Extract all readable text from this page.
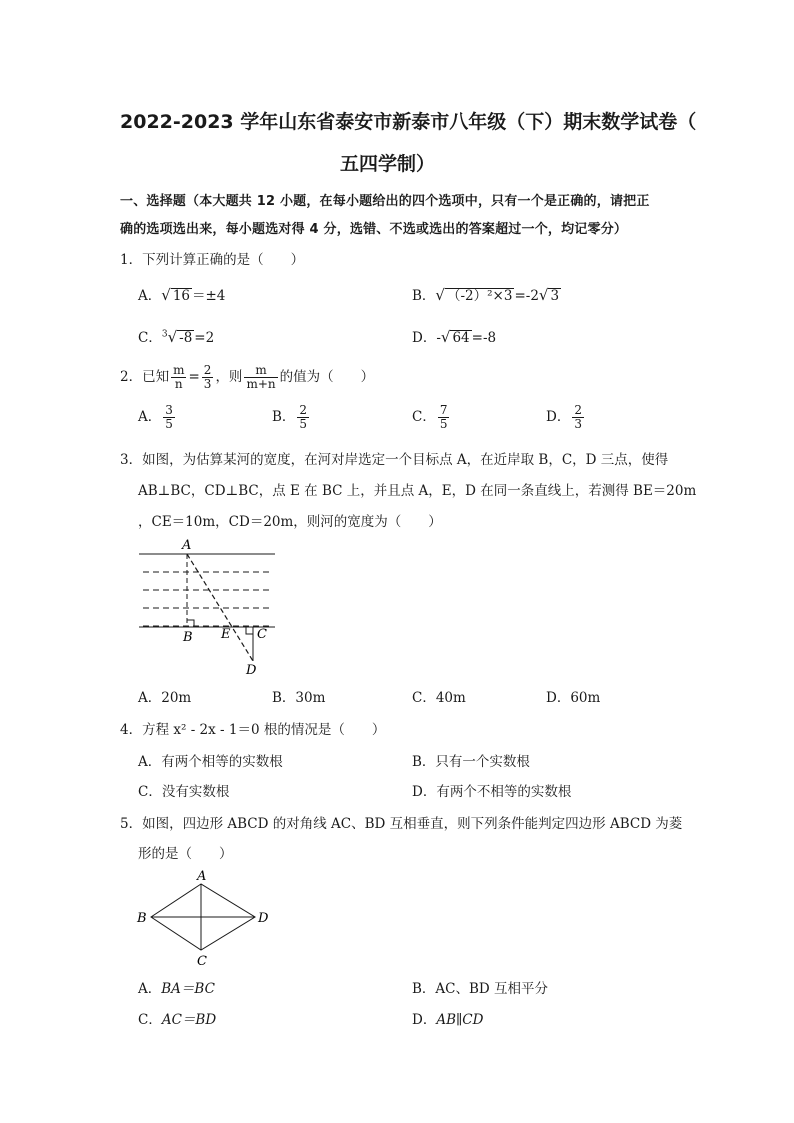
2022-2023 学年山东省泰安市新泰市八年级（下）期末数学试卷（
五四学制）
一、选择题（本大题共 12 小题，在每小题给出的四个选项中，只有一个是正确的，请把正
确的选项选出来，每小题选对得 4 分，选错、不选或选出的答案超过一个，均记零分）
1．下列计算正确的是（　　）
A．√ 16 ＝±4	B．√ （-2）²×3 =-2√ 3
C．$^3$√ -8 =2	D．-√ 64 =-8
2．已知 $\frac{m}{n} = \frac{2}{3}$ ，则 $\frac{m}{m+n}$ 的值为（　　）
A． $\frac{3}{5}$	B． $\frac{2}{5}$	C． $\frac{7}{5}$	D． $\frac{2}{3}$
3．如图，为估算某河的宽度，在河对岸选定一个目标点 A，在近岸取 B，C，D 三点，使得
AB⊥BC，CD⊥BC，点 E 在 BC 上，并且点 A，E，D 在同一条直线上，若测得 BE＝20m
，CE＝10m，CD＝20m，则河的宽度为（　　）
A
B E C
D
A．20m	B．30m	C．40m	D．60m
4．方程 x² - 2x - 1＝0 根的情况是（　　）
A．有两个相等的实数根	B．只有一个实数根
C．没有实数根	D．有两个不相等的实数根
5．如图，四边形 ABCD 的对角线 AC、BD 互相垂直，则下列条件能判定四边形 ABCD 为菱
形的是（　　）
A
B	D
C
A．BA＝BC	B．AC、BD 互相平分
C．AC＝BD	D．AB∥CD
